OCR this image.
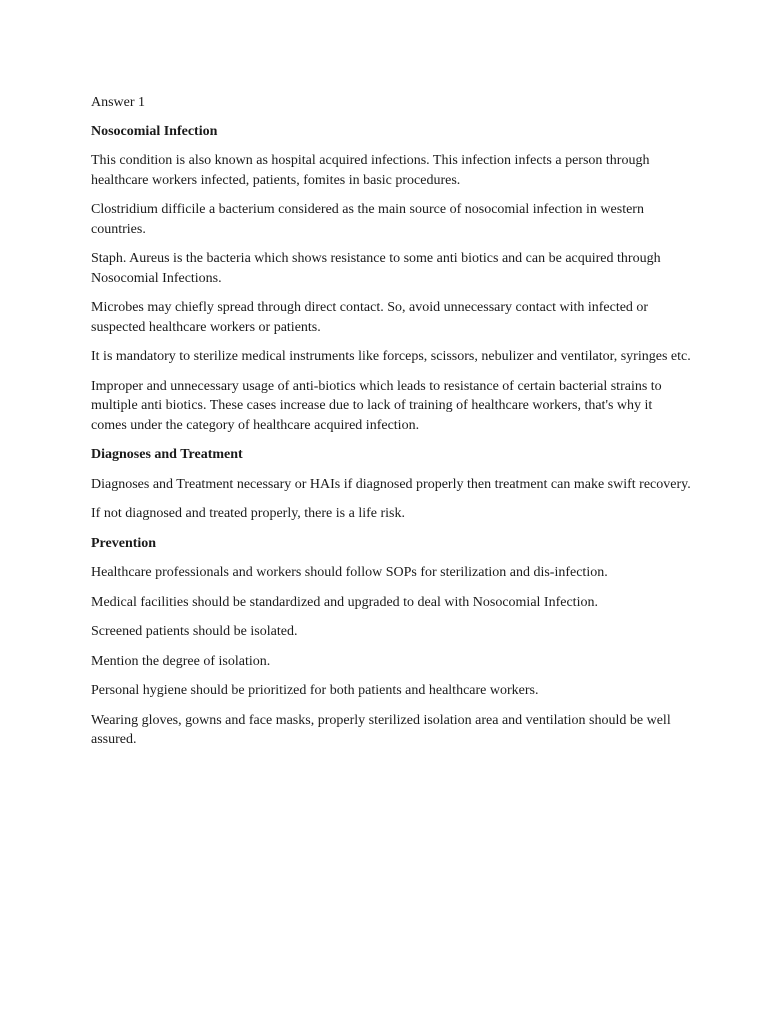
Answer 1

Nosocomial Infection

This condition is also known as hospital acquired infections. This infection infects a person through healthcare workers infected, patients, fomites in basic procedures.

Clostridium difficile a bacterium considered as the main source of nosocomial infection in western countries.

Staph. Aureus is the bacteria which shows resistance to some anti biotics and can be acquired through Nosocomial Infections.

Microbes may chiefly spread through direct contact. So, avoid unnecessary contact with infected or suspected healthcare workers or patients.

It is mandatory to sterilize medical instruments like forceps, scissors, nebulizer and ventilator, syringes etc.

Improper and unnecessary usage of anti-biotics which leads to resistance of certain bacterial strains to multiple anti biotics. These cases increase due to lack of training of healthcare workers, that's why it comes under the category of healthcare acquired infection.

Diagnoses and Treatment

Diagnoses and Treatment necessary or HAIs if diagnosed properly then treatment can make swift recovery.

If not diagnosed and treated properly, there is a life risk.

Prevention

Healthcare professionals and workers should follow SOPs for sterilization and dis-infection.

Medical facilities should be standardized and upgraded to deal with Nosocomial Infection.

Screened patients should be isolated.

Mention the degree of isolation.

Personal hygiene should be prioritized for both patients and healthcare workers.

Wearing gloves, gowns and face masks, properly sterilized isolation area and ventilation should be well assured.
